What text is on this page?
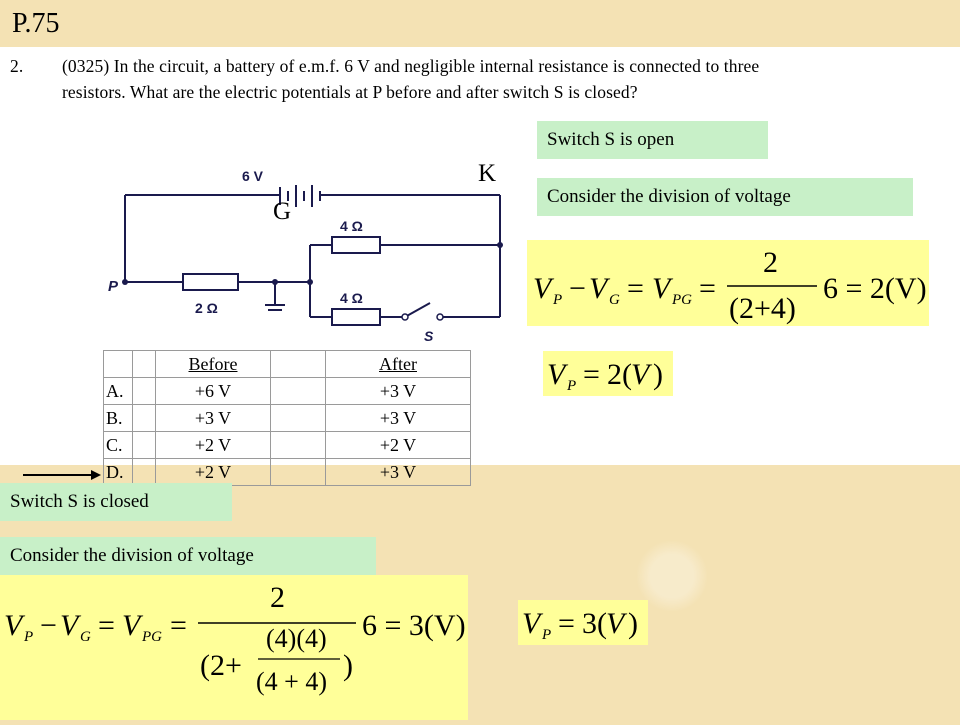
P.75
2. (0325) In the circuit, a battery of e.m.f. 6 V and negligible internal resistance is connected to three
resistors. What are the electric potentials at P before and after switch S is closed?
6 V
4 Ω
4 Ω
2 Ω
P
S
		Before		After
A.		+6 V		+3 V
B.		+3 V		+3 V
C.		+2 V		+2 V
D.		+2 V		+3 V
K
G
Switch S is open
Consider the division of voltage
V P − V G = V PG =
2
(2+4)
6 = 2(V)
V P = 2( V )
Switch S is closed
Consider the division of voltage
V P − V G = V PG =
2
(2+
(4)(4)
(4 + 4) )
6 = 3(V) V P = 3( V )
